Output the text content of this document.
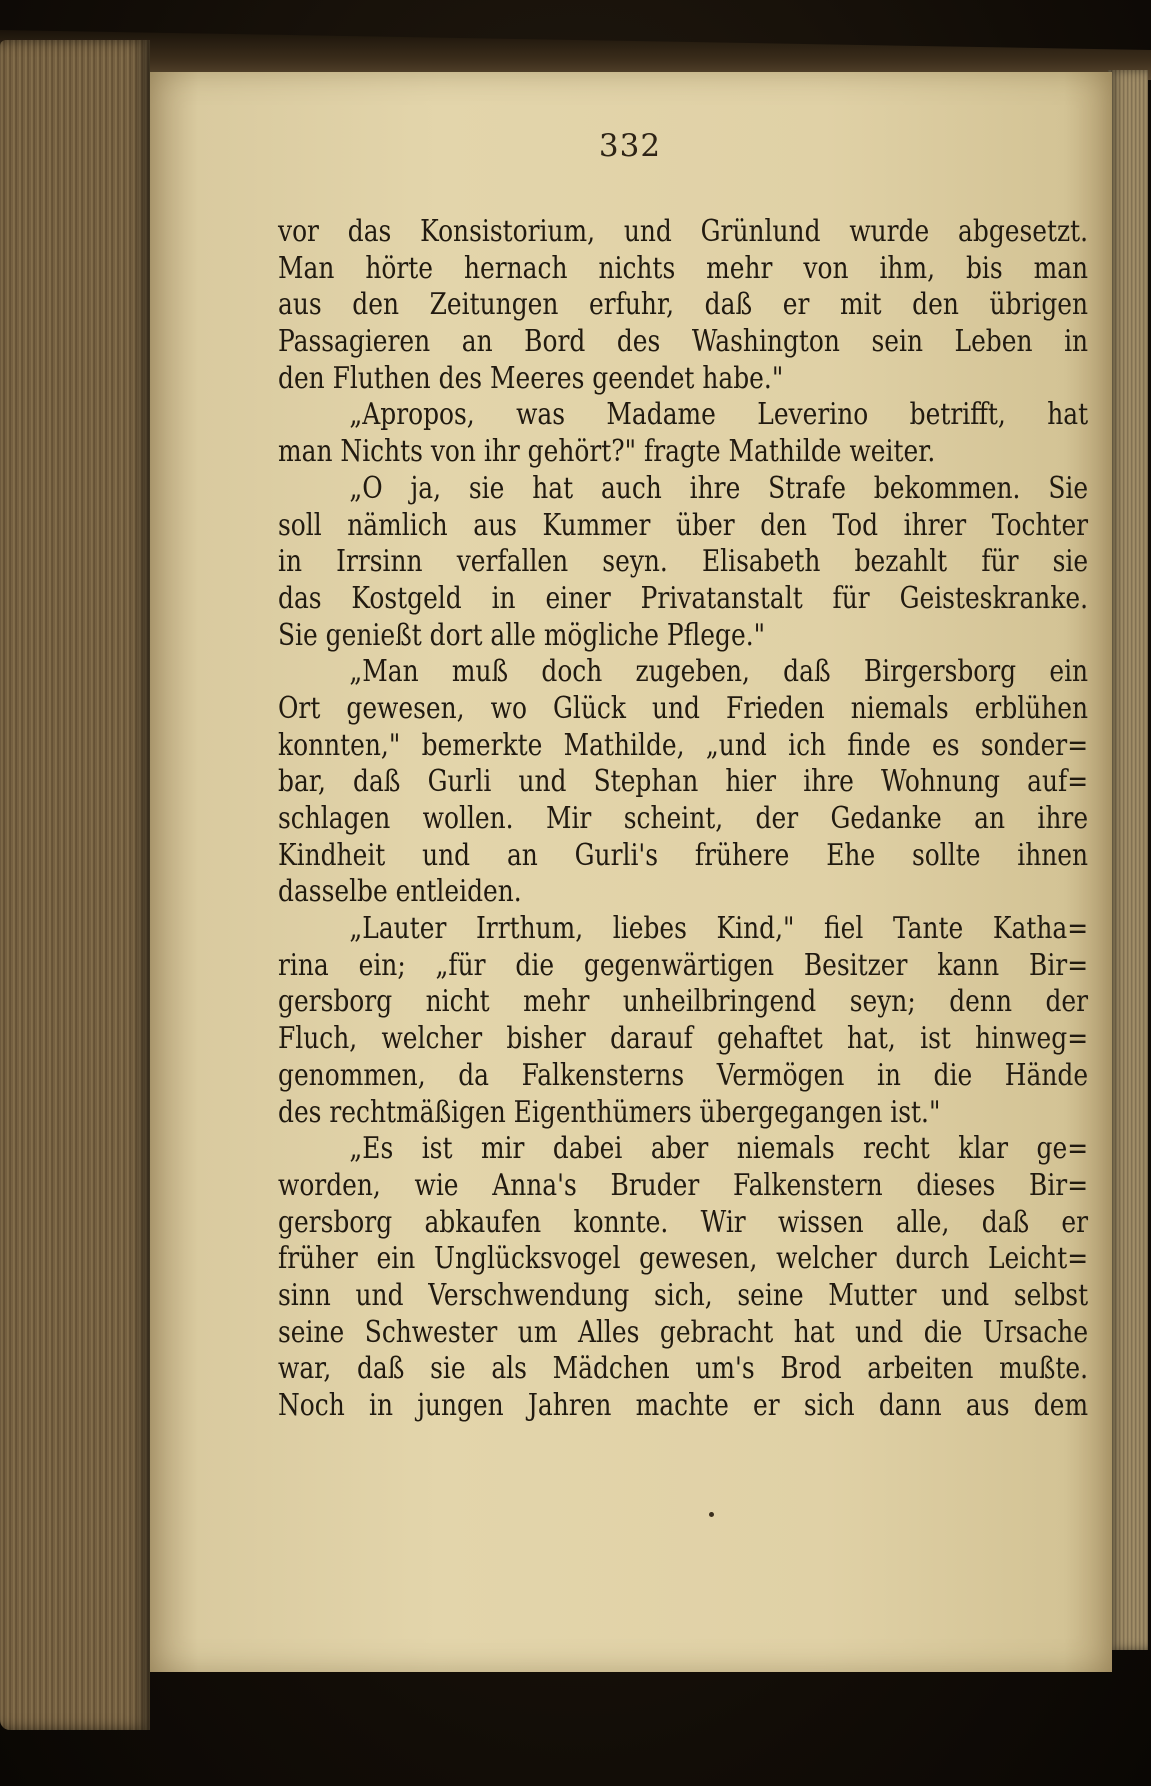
332
vor das Konsistorium, und Grünlund wurde abgesetzt.
Man hörte hernach nichts mehr von ihm, bis man
aus den Zeitungen erfuhr, daß er mit den übrigen
Passagieren an Bord des Washington sein Leben in
den Fluthen des Meeres geendet habe."
„Apropos, was Madame Leverino betrifft, hat
man Nichts von ihr gehört?" fragte Mathilde weiter.
„O ja, sie hat auch ihre Strafe bekommen. Sie
soll nämlich aus Kummer über den Tod ihrer Tochter
in Irrsinn verfallen seyn. Elisabeth bezahlt für sie
das Kostgeld in einer Privatanstalt für Geisteskranke.
Sie genießt dort alle mögliche Pflege."
„Man muß doch zugeben, daß Birgersborg ein
Ort gewesen, wo Glück und Frieden niemals erblühen
konnten," bemerkte Mathilde, „und ich finde es sonder=
bar, daß Gurli und Stephan hier ihre Wohnung auf=
schlagen wollen. Mir scheint, der Gedanke an ihre
Kindheit und an Gurli's frühere Ehe sollte ihnen
dasselbe entleiden.
„Lauter Irrthum, liebes Kind," fiel Tante Katha=
rina ein; „für die gegenwärtigen Besitzer kann Bir=
gersborg nicht mehr unheilbringend seyn; denn der
Fluch, welcher bisher darauf gehaftet hat, ist hinweg=
genommen, da Falkensterns Vermögen in die Hände
des rechtmäßigen Eigenthümers übergegangen ist."
„Es ist mir dabei aber niemals recht klar ge=
worden, wie Anna's Bruder Falkenstern dieses Bir=
gersborg abkaufen konnte. Wir wissen alle, daß er
früher ein Unglücksvogel gewesen, welcher durch Leicht=
sinn und Verschwendung sich, seine Mutter und selbst
seine Schwester um Alles gebracht hat und die Ursache
war, daß sie als Mädchen um's Brod arbeiten mußte.
Noch in jungen Jahren machte er sich dann aus dem
